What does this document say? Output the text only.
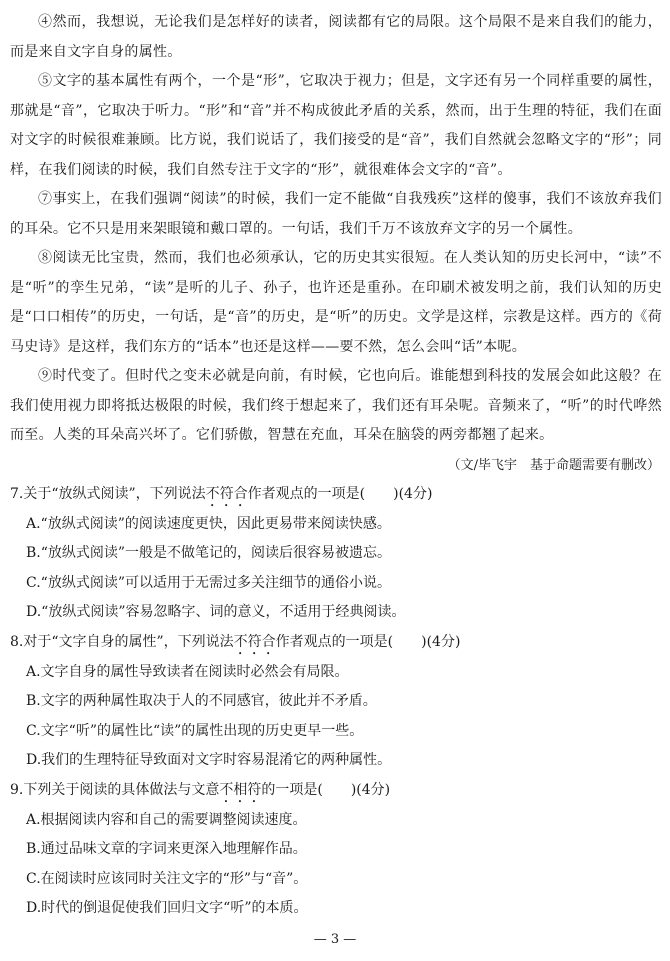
④然而，我想说，无论我们是怎样好的读者，阅读都有它的局限。这个局限不是来自我们的能力，而是来自文字自身的属性。

⑤文字的基本属性有两个，一个是“形”，它取决于视力；但是，文字还有另一个同样重要的属性，那就是“音”，它取决于听力。“形”和“音”并不构成彼此矛盾的关系，然而，出于生理的特征，我们在面对文字的时候很难兼顾。比方说，我们说话了，我们接受的是“音”，我们自然就会忽略文字的“形”；同样，在我们阅读的时候，我们自然专注于文字的“形”，就很难体会文字的“音”。

⑦事实上，在我们强调“阅读”的时候，我们一定不能做“自我残疾”这样的傻事，我们不该放弃我们的耳朵。它不只是用来架眼镜和戴口罩的。一句话，我们千万不该放弃文字的另一个属性。

⑧阅读无比宝贵，然而，我们也必须承认，它的历史其实很短。在人类认知的历史长河中，“读”不是“听”的孪生兄弟，“读”是听的儿子、孙子，也许还是重孙。在印刷术被发明之前，我们认知的历史是“口口相传”的历史，一句话，是“音”的历史，是“听”的历史。文学是这样，宗教是这样。西方的《荷马史诗》是这样，我们东方的“话本”也还是这样——要不然，怎么会叫“话”本呢。

⑨时代变了。但时代之变未必就是向前，有时候，它也向后。谁能想到科技的发展会如此这般？在我们使用视力即将抵达极限的时候，我们终于想起来了，我们还有耳朵呢。音频来了，“听”的时代哗然而至。人类的耳朵高兴坏了。它们骄傲，智慧在充血，耳朵在脑袋的两旁都翘了起来。

（文/毕飞宇　基于命题需要有删改）

7.关于“放纵式阅读”，下列说法不符合作者观点的一项是(　　)(4分)

A.“放纵式阅读”的阅读速度更快，因此更易带来阅读快感。

B.“放纵式阅读”一般是不做笔记的，阅读后很容易被遗忘。

C.“放纵式阅读”可以适用于无需过多关注细节的通俗小说。

D.“放纵式阅读”容易忽略字、词的意义，不适用于经典阅读。

8.对于“文字自身的属性”，下列说法不符合作者观点的一项是(　　)(4分)

A.文字自身的属性导致读者在阅读时必然会有局限。

B.文字的两种属性取决于人的不同感官，彼此并不矛盾。

C.文字“听”的属性比“读”的属性出现的历史更早一些。

D.我们的生理特征导致面对文字时容易混淆它的两种属性。

9.下列关于阅读的具体做法与文意不相符的一项是(　　)(4分)

A.根据阅读内容和自己的需要调整阅读速度。

B.通过品味文章的字词来更深入地理解作品。

C.在阅读时应该同时关注文字的“形”与“音”。

D.时代的倒退促使我们回归文字“听”的本质。

— 3 —
